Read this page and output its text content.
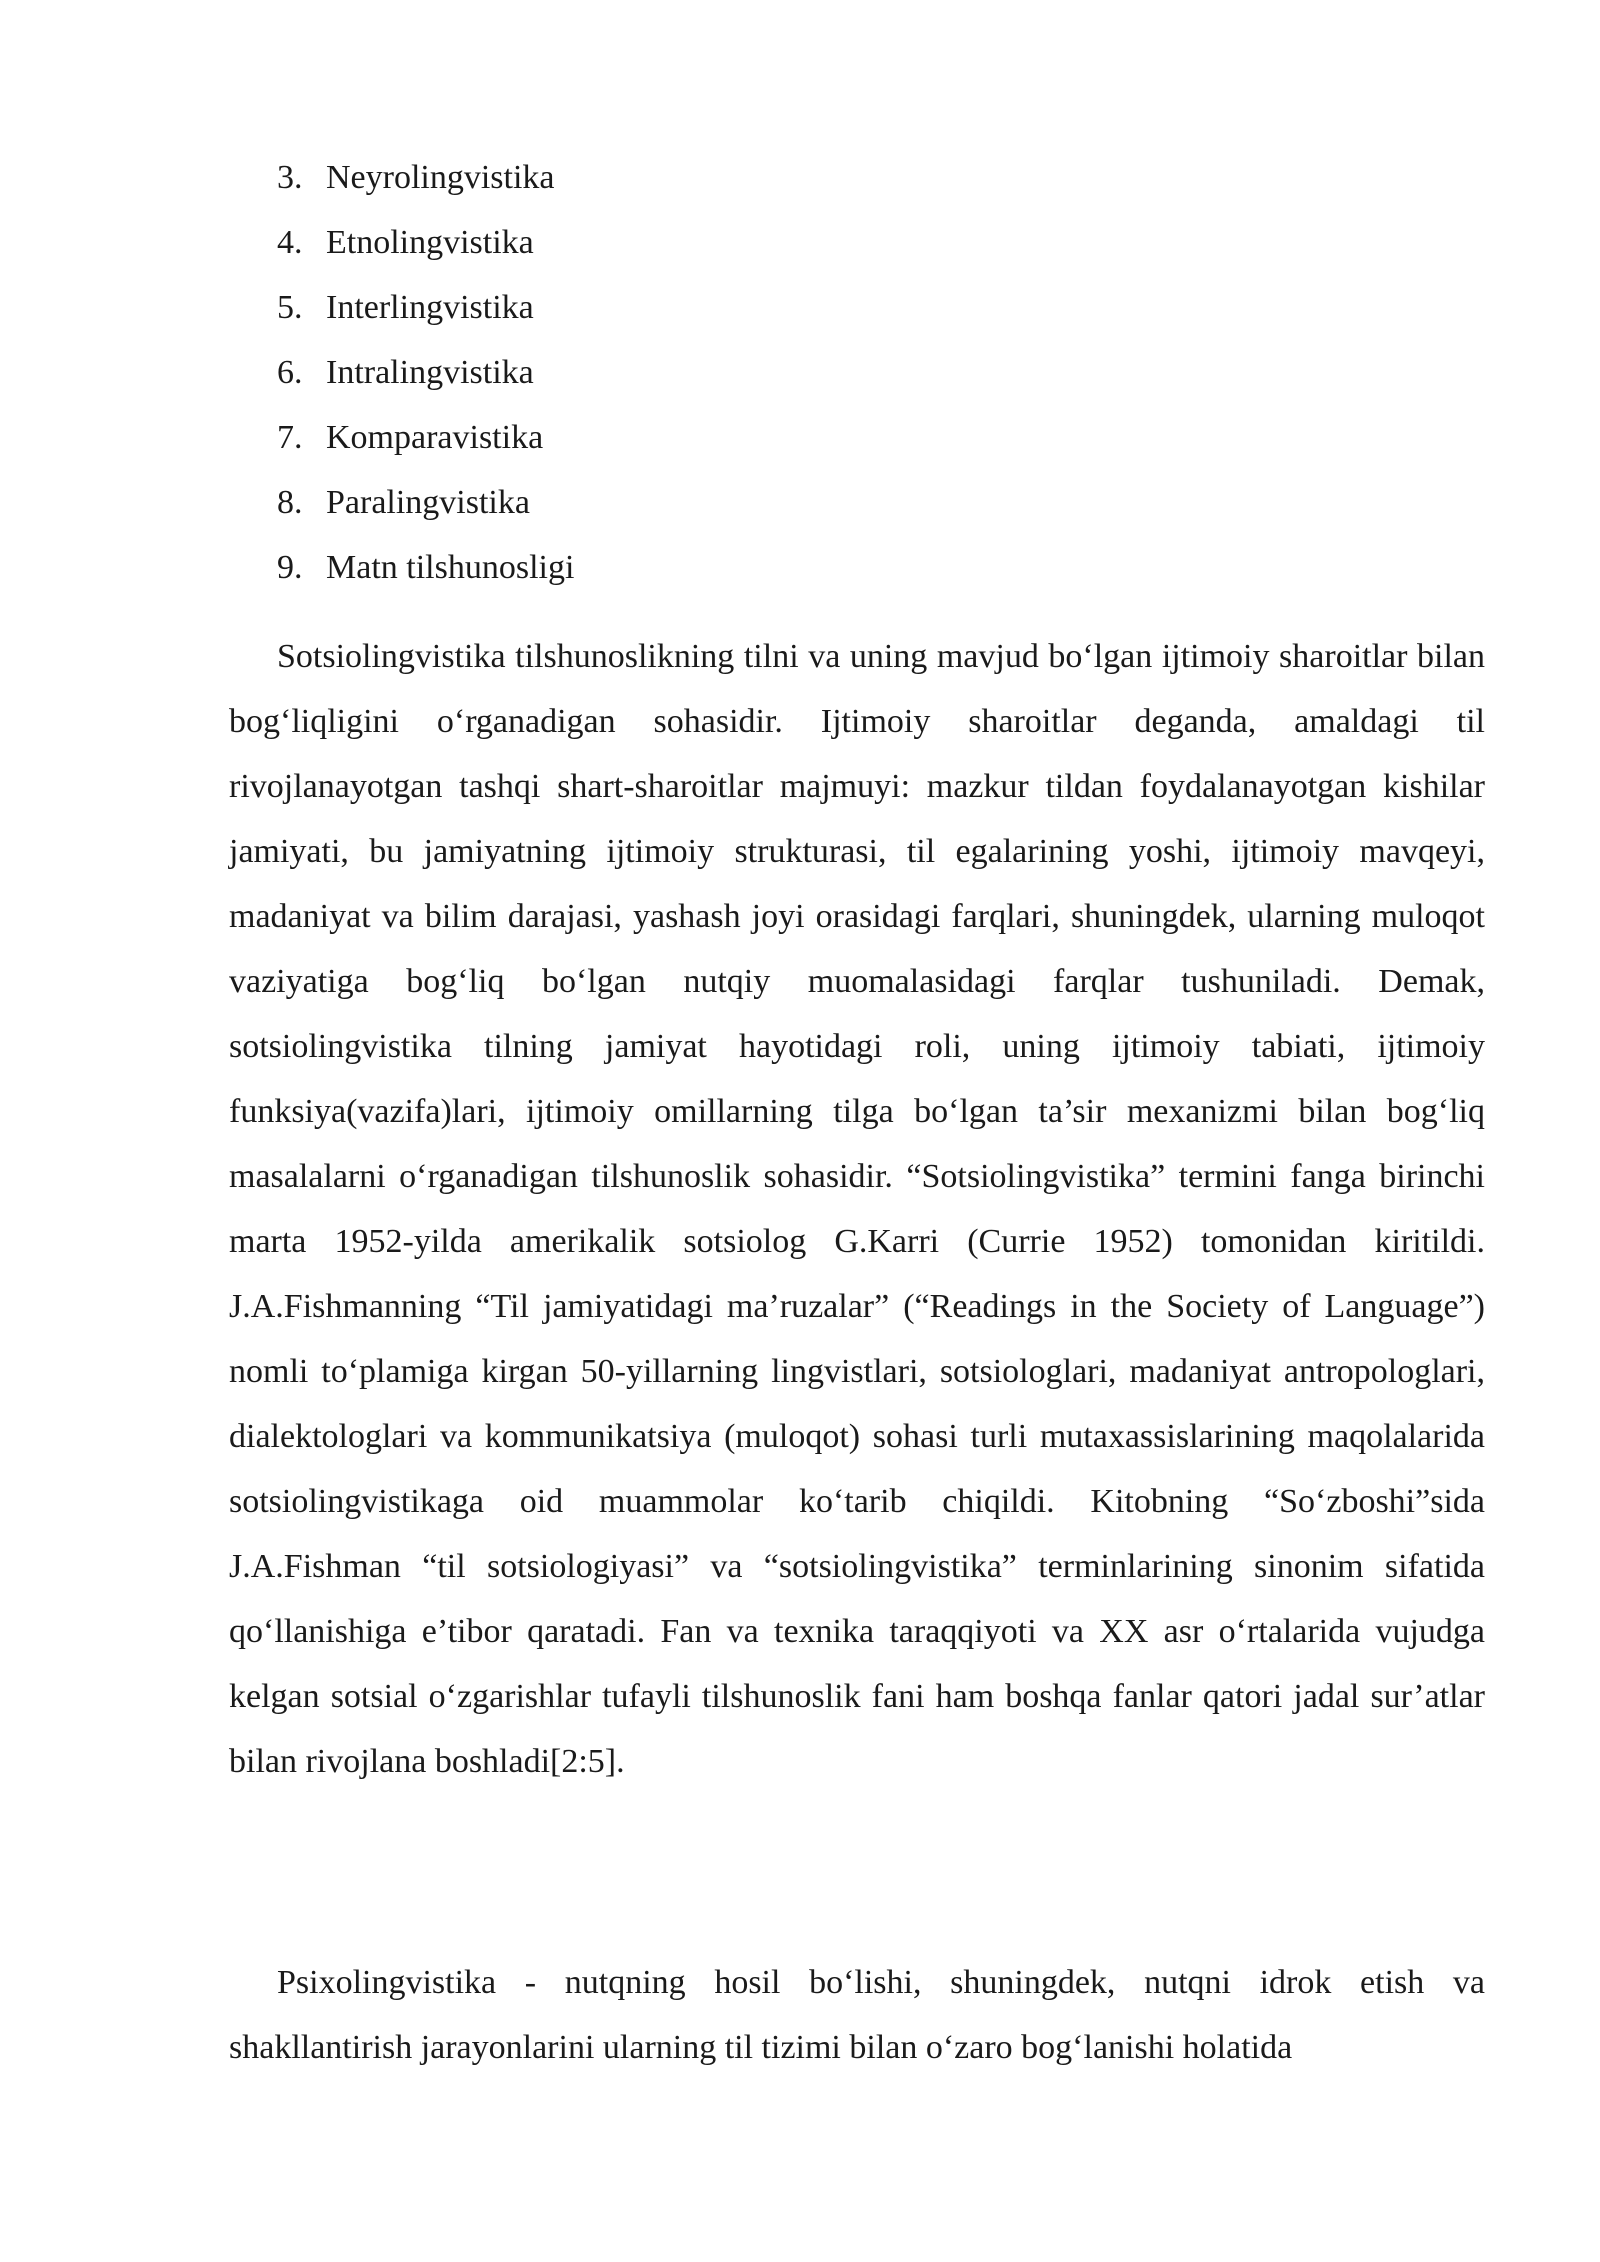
3. Neyrolingvistika
4. Etnolingvistika
5. Interlingvistika
6. Intralingvistika
7. Komparavistika
8. Paralingvistika
9. Matn tilshunosligi

Sotsiolingvistika tilshunoslikning tilni va uning mavjud bo‘lgan ijtimoiy sharoitlar bilan bog‘liqligini o‘rganadigan sohasidir. Ijtimoiy sharoitlar deganda, amaldagi til rivojlanayotgan tashqi shart-sharoitlar majmuyi: mazkur tildan foydalanayotgan kishilar jamiyati, bu jamiyatning ijtimoiy strukturasi, til egalarining yoshi, ijtimoiy mavqeyi, madaniyat va bilim darajasi, yashash joyi orasidagi farqlari, shuningdek, ularning muloqot vaziyatiga bog‘liq bo‘lgan nutqiy muomalasidagi farqlar tushuniladi. Demak, sotsiolingvistika tilning jamiyat hayotidagi roli, uning ijtimoiy tabiati, ijtimoiy funksiya(vazifa)lari, ijtimoiy omillarning tilga bo‘lgan ta’sir mexanizmi bilan bog‘liq masalalarni o‘rganadigan tilshunoslik sohasidir. “Sotsiolingvistika” termini fanga birinchi marta 1952-yilda amerikalik sotsiolog G.Karri (Currie 1952) tomonidan kiritildi. J.A.Fishmanning “Til jamiyatidagi ma’ruzalar” (“Readings in the Society of Language”) nomli to‘plamiga kirgan 50-yillarning lingvistlari, sotsiologlari, madaniyat antropologlari, dialektologlari va kommunikatsiya (muloqot) sohasi turli mutaxassislarining maqolalarida sotsiolingvistikaga oid muammolar ko‘tarib chiqildi. Kitobning “So‘zboshi”sida J.A.Fishman “til sotsiologiyasi” va “sotsiolingvistika” terminlarining sinonim sifatida qo‘llanishiga e’tibor qaratadi. Fan va texnika taraqqiyoti va XX asr o‘rtalarida vujudga kelgan sotsial o‘zgarishlar tufayli tilshunoslik fani ham boshqa fanlar qatori jadal sur’atlar bilan rivojlana boshladi[2:5].

Psixolingvistika - nutqning hosil bo‘lishi, shuningdek, nutqni idrok etish va shakllantirish jarayonlarini ularning til tizimi bilan o‘zaro bog‘lanishi holatida
